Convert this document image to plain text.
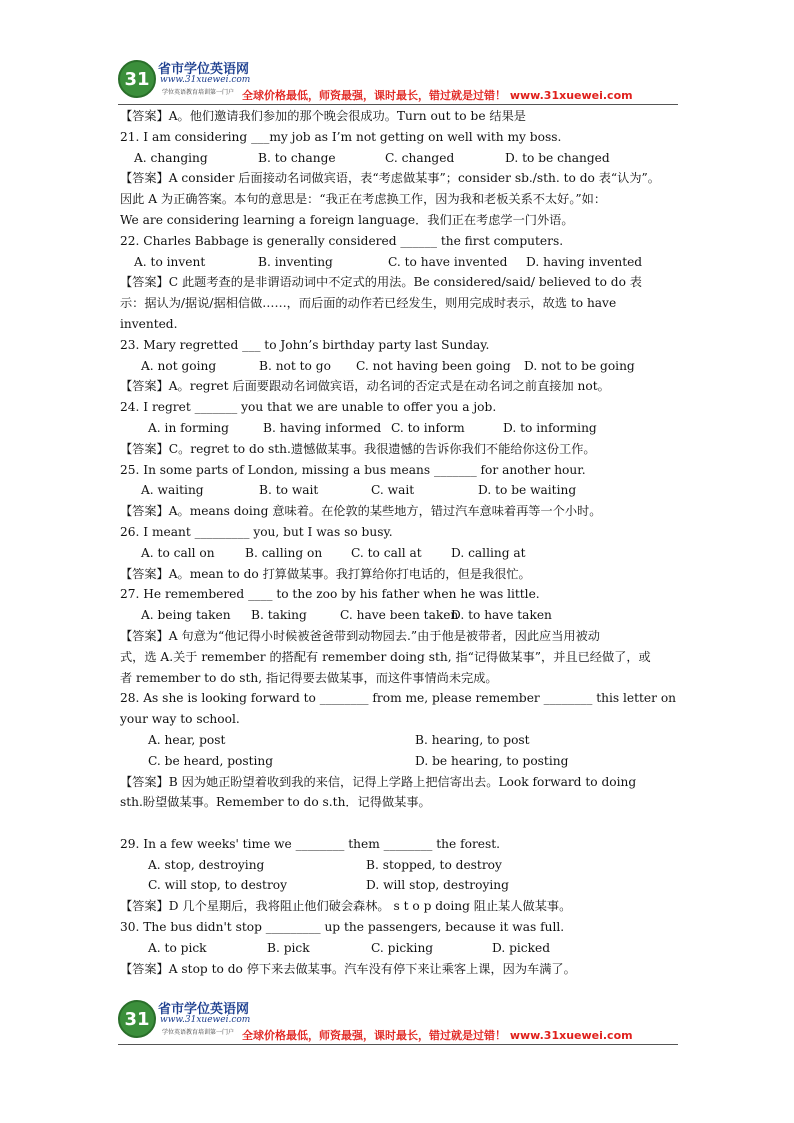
31 省市学位英语网
www.31xuewei.com
学位英语教育培训第一门户 全球价格最低，师资最强，课时最长，错过就是过错！ www.31xuewei.com
【答案】A。他们邀请我们参加的那个晚会很成功。Turn out to be 结果是
21. I am considering ___my job as I’m not getting on well with my boss.
A. changing	B. to change	C. changed	D. to be changed
【答案】A consider 后面接动名词做宾语，表“考虑做某事”；consider sb./sth. to do 表“认为”。
因此 A 为正确答案。本句的意思是：“我正在考虑换工作，因为我和老板关系不太好。”如：
We are considering learning a foreign language．我们正在考虑学一门外语。
22. Charles Babbage is generally considered ______ the first computers.
A. to invent	B. inventing	C. to have invented	D. having invented
【答案】C 此题考查的是非谓语动词中不定式的用法。Be considered/said/ believed to do 表
示：据认为/据说/据相信做……，而后面的动作若已经发生，则用完成时表示，故选 to have
invented.
23. Mary regretted ___ to John’s birthday party last Sunday.
A. not going	B. not to go	C. not having been going	D. not to be going
【答案】A。regret 后面要跟动名词做宾语，动名词的否定式是在动名词之前直接加 not。
24. I regret _______ you that we are unable to offer you a job.
A. in forming	B. having informed C. to inform	D. to informing
【答案】C。regret to do sth.遗憾做某事。我很遗憾的告诉你我们不能给你这份工作。
25. In some parts of London, missing a bus means _______ for another hour.
A. waiting	B. to wait	C. wait	D. to be waiting
【答案】A。means doing 意味着。在伦敦的某些地方，错过汽车意味着再等一个小时。
26. I meant _________ you, but I was so busy.
A. to call on	B. calling on	C. to call at	D. calling at
【答案】A。mean to do 打算做某事。我打算给你打电话的，但是我很忙。
27. He remembered ____ to the zoo by his father when he was little.
A. being taken	B. taking	C. have been taken
D. to have taken
【答案】A 句意为“他记得小时候被爸爸带到动物园去.”由于他是被带者，因此应当用被动
式，选 A.关于 remember 的搭配有 remember doing sth, 指“记得做某事”，并且已经做了，或
者 remember to do sth, 指记得要去做某事，而这件事情尚未完成。
28. As she is looking forward to ________ from me, please remember ________ this letter on
your way to school.
A. hear, post	B. hearing, to post
C. be heard, posting	D. be hearing, to posting
【答案】B 因为她正盼望着收到我的来信，记得上学路上把信寄出去。Look forward to doing
sth.盼望做某事。Remember to do s.th．记得做某事。
29. In a few weeks' time we ________ them ________ the forest.
A. stop, destroying	B. stopped, to destroy
C. will stop, to destroy	D. will stop, destroying
【答案】D 几个星期后，我将阻止他们破会森林。 s t o p doing 阻止某人做某事。
30. The bus didn't stop _________ up the passengers, because it was full.
A. to pick	B. pick	C. picking	D. picked
【答案】A stop to do 停下来去做某事。汽车没有停下来让乘客上课，因为车满了。
31 省市学位英语网
www.31xuewei.com
学位英语教育培训第一门户 全球价格最低，师资最强，课时最长，错过就是过错！ www.31xuewei.com
